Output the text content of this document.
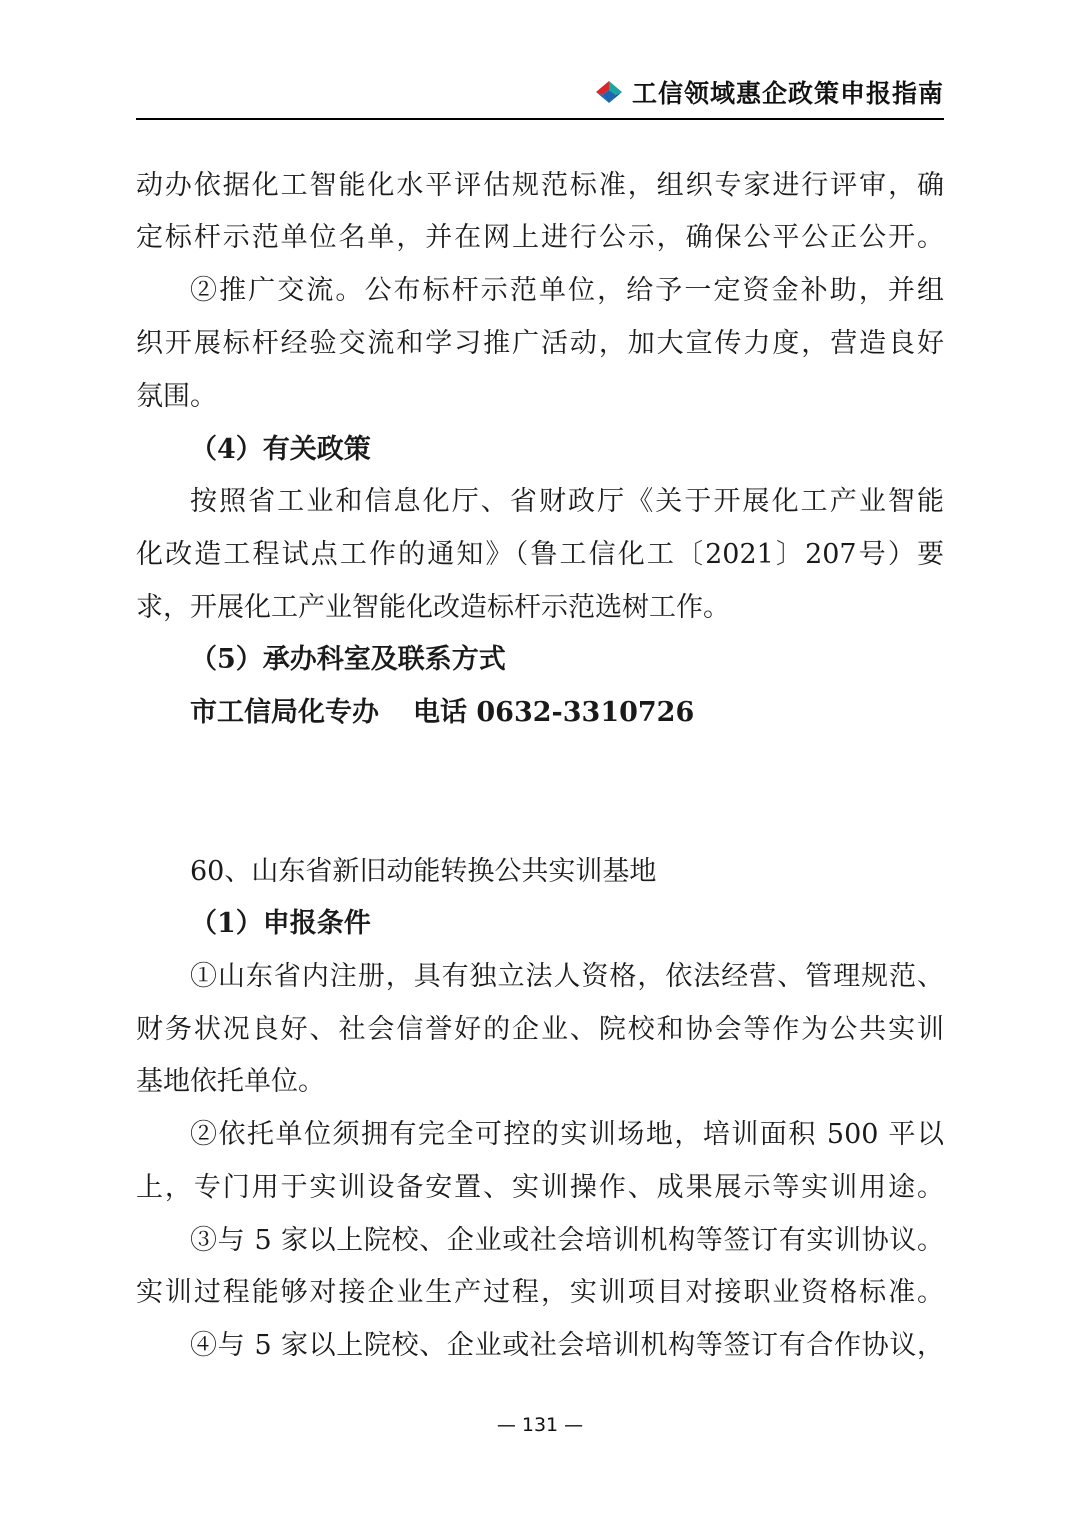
工信领域惠企政策申报指南
动办依据化工智能化水平评估规范标准，组织专家进行评审，确
定标杆示范单位名单，并在网上进行公示，确保公平公正公开。
②推广交流。公布标杆示范单位，给予一定资金补助，并组
织开展标杆经验交流和学习推广活动，加大宣传力度，营造良好
氛围。
（4）有关政策
按照省工业和信息化厅、省财政厅《关于开展化工产业智能
化改造工程试点工作的通知》（鲁工信化工〔2021〕207号）要
求，开展化工产业智能化改造标杆示范选树工作。
（5）承办科室及联系方式
市工信局化专办 电话 0632-3310726
60、山东省新旧动能转换公共实训基地
（1）申报条件
①山东省内注册，具有独立法人资格，依法经营、管理规范、
财务状况良好、社会信誉好的企业、院校和协会等作为公共实训
基地依托单位。
②依托单位须拥有完全可控的实训场地，培训面积 500 平以
上，专门用于实训设备安置、实训操作、成果展示等实训用途。
③与 5 家以上院校、企业或社会培训机构等签订有实训协议。
实训过程能够对接企业生产过程，实训项目对接职业资格标准。
④与 5 家以上院校、企业或社会培训机构等签订有合作协议，
— 131 —
